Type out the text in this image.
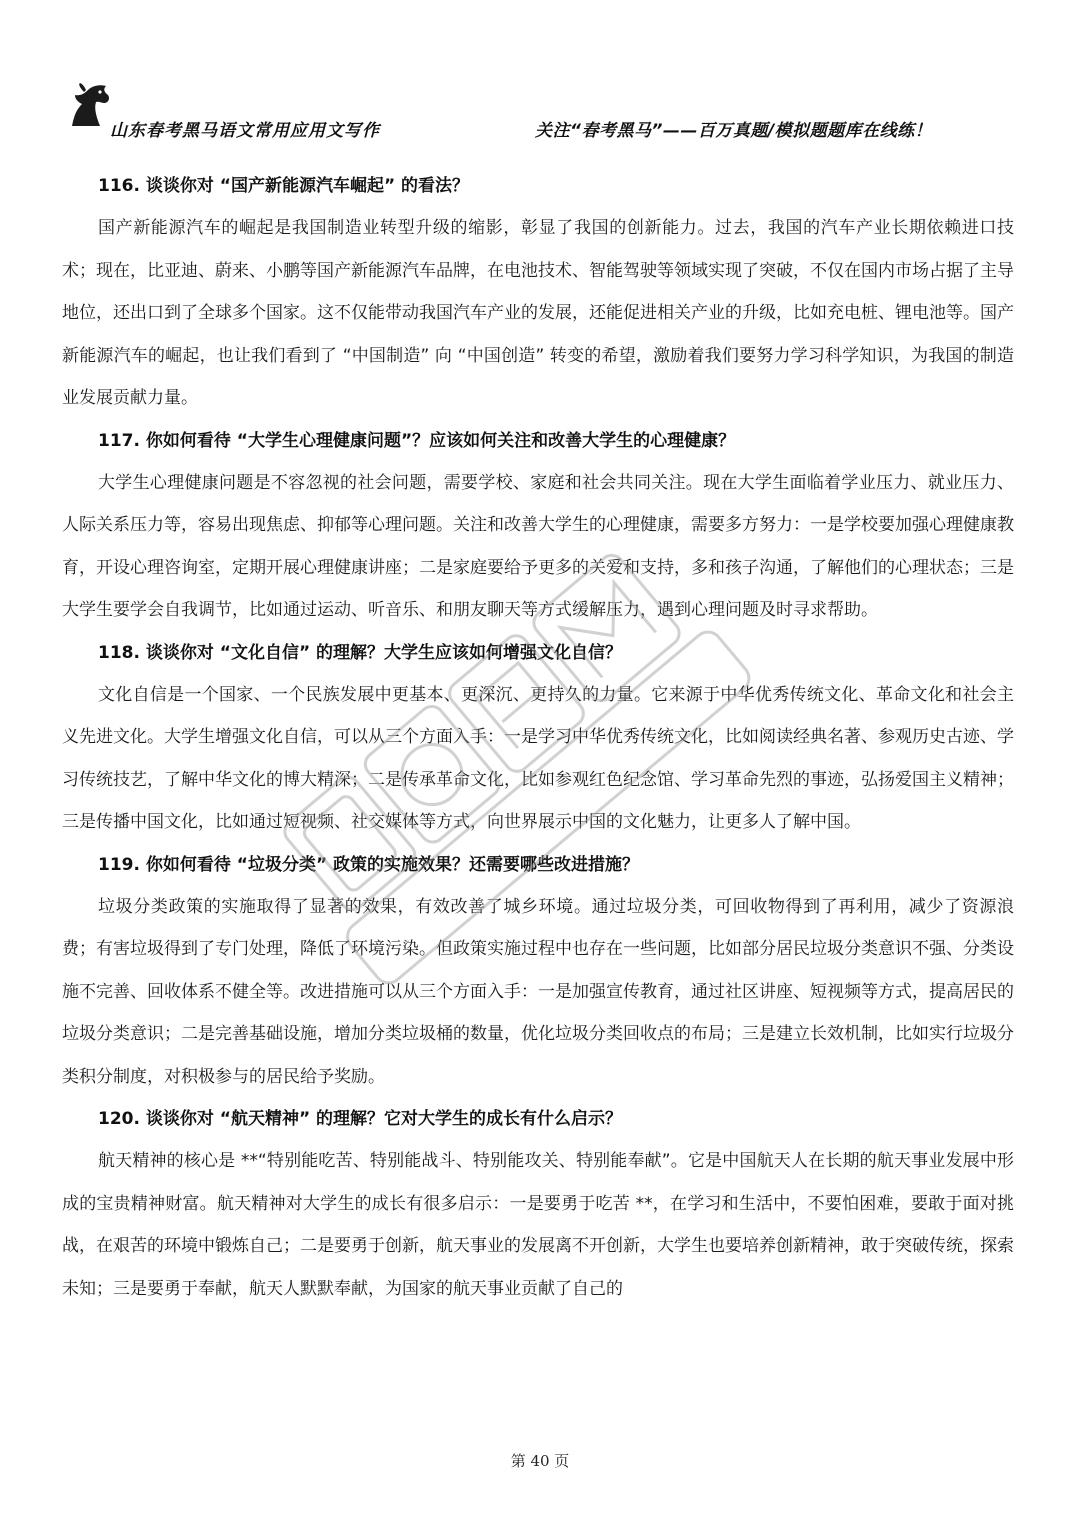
山东春考黑马语文常用应用文写作	关注“春考黑马”——百万真题/模拟题题库在线练！
116. 谈谈你对 “国产新能源汽车崛起” 的看法？

国产新能源汽车的崛起是我国制造业转型升级的缩影，彰显了我国的创新能力。过去，我国的汽车产业长期依赖进口技术；现在，比亚迪、蔚来、小鹏等国产新能源汽车品牌，在电池技术、智能驾驶等领域实现了突破，不仅在国内市场占据了主导地位，还出口到了全球多个国家。这不仅能带动我国汽车产业的发展，还能促进相关产业的升级，比如充电桩、锂电池等。国产新能源汽车的崛起，也让我们看到了 “中国制造” 向 “中国创造” 转变的希望，激励着我们要努力学习科学知识，为我国的制造业发展贡献力量。

117. 你如何看待 “大学生心理健康问题”？应该如何关注和改善大学生的心理健康？

大学生心理健康问题是不容忽视的社会问题，需要学校、家庭和社会共同关注。现在大学生面临着学业压力、就业压力、人际关系压力等，容易出现焦虑、抑郁等心理问题。关注和改善大学生的心理健康，需要多方努力：一是学校要加强心理健康教育，开设心理咨询室，定期开展心理健康讲座；二是家庭要给予更多的关爱和支持，多和孩子沟通，了解他们的心理状态；三是大学生要学会自我调节，比如通过运动、听音乐、和朋友聊天等方式缓解压力，遇到心理问题及时寻求帮助。

118. 谈谈你对 “文化自信” 的理解？大学生应该如何增强文化自信？

文化自信是一个国家、一个民族发展中更基本、更深沉、更持久的力量。它来源于中华优秀传统文化、革命文化和社会主义先进文化。大学生增强文化自信，可以从三个方面入手：一是学习中华优秀传统文化，比如阅读经典名著、参观历史古迹、学习传统技艺，了解中华文化的博大精深；二是传承革命文化，比如参观红色纪念馆、学习革命先烈的事迹，弘扬爱国主义精神；三是传播中国文化，比如通过短视频、社交媒体等方式，向世界展示中国的文化魅力，让更多人了解中国。

119. 你如何看待 “垃圾分类” 政策的实施效果？还需要哪些改进措施？

垃圾分类政策的实施取得了显著的效果，有效改善了城乡环境。通过垃圾分类，可回收物得到了再利用，减少了资源浪费；有害垃圾得到了专门处理，降低了环境污染。但政策实施过程中也存在一些问题，比如部分居民垃圾分类意识不强、分类设施不完善、回收体系不健全等。改进措施可以从三个方面入手：一是加强宣传教育，通过社区讲座、短视频等方式，提高居民的垃圾分类意识；二是完善基础设施，增加分类垃圾桶的数量，优化垃圾分类回收点的布局；三是建立长效机制，比如实行垃圾分类积分制度，对积极参与的居民给予奖励。

120. 谈谈你对 “航天精神” 的理解？它对大学生的成长有什么启示？

航天精神的核心是 **“特别能吃苦、特别能战斗、特别能攻关、特别能奉献”。它是中国航天人在长期的航天事业发展中形成的宝贵精神财富。航天精神对大学生的成长有很多启示：一是要勇于吃苦 **，在学习和生活中，不要怕困难，要敢于面对挑战，在艰苦的环境中锻炼自己；二是要勇于创新，航天事业的发展离不开创新，大学生也要培养创新精神，敢于突破传统，探索未知；三是要勇于奉献，航天人默默奉献，为国家的航天事业贡献了自己的

第 40 页
